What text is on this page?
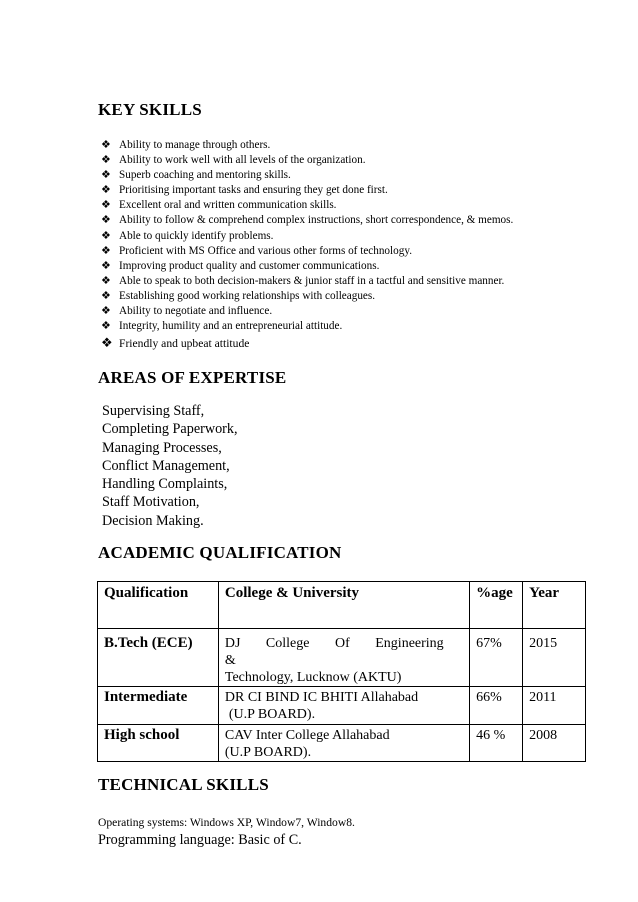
KEY SKILLS
❖ Ability to manage through others.
❖ Ability to work well with all levels of the organization.
❖ Superb coaching and mentoring skills.
❖ Prioritising important tasks and ensuring they get done first.
❖ Excellent oral and written communication skills.
❖ Ability to follow & comprehend complex instructions, short correspondence, & memos.
❖ Able to quickly identify problems.
❖ Proficient with MS Office and various other forms of technology.
❖ Improving product quality and customer communications.
❖ Able to speak to both decision-makers & junior staff in a tactful and sensitive manner.
❖ Establishing good working relationships with colleagues.
❖ Ability to negotiate and influence.
❖ Integrity, humility and an entrepreneurial attitude.
❖ Friendly and upbeat attitude
AREAS OF EXPERTISE
Supervising Staff,
Completing Paperwork,
Managing Processes,
Conflict Management,
Handling Complaints,
Staff Motivation,
Decision Making.
ACADEMIC QUALIFICATION
Qualification	College & University	%age	Year
B.Tech (ECE)	DJ College Of Engineering &
Technology, Lucknow (AKTU)	67%	2015
Intermediate	DR CI BIND IC BHITI Allahabad
(U.P BOARD).	66%	2011
High school	CAV Inter College Allahabad
(U.P BOARD).	46 %	2008
TECHNICAL SKILLS
Operating systems: Windows XP, Window7, Window8.
Programming language: Basic of C.
